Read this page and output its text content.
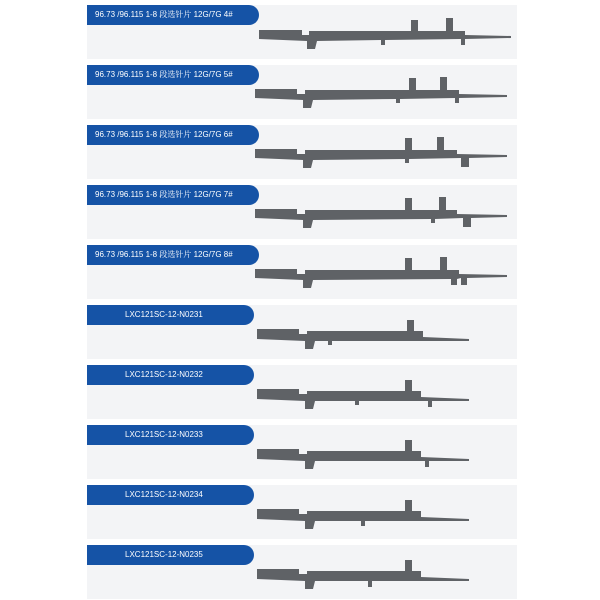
96.73 /96.115 1-8 段选针片 12G/7G 4#
96.73 /96.115 1-8 段选针片 12G/7G 5#
96.73 /96.115 1-8 段选针片 12G/7G 6#
96.73 /96.115 1-8 段选针片 12G/7G 7#
96.73 /96.115 1-8 段选针片 12G/7G 8#
LXC121SC-12-N0231
LXC121SC-12-N0232
LXC121SC-12-N0233
LXC121SC-12-N0234
LXC121SC-12-N0235
